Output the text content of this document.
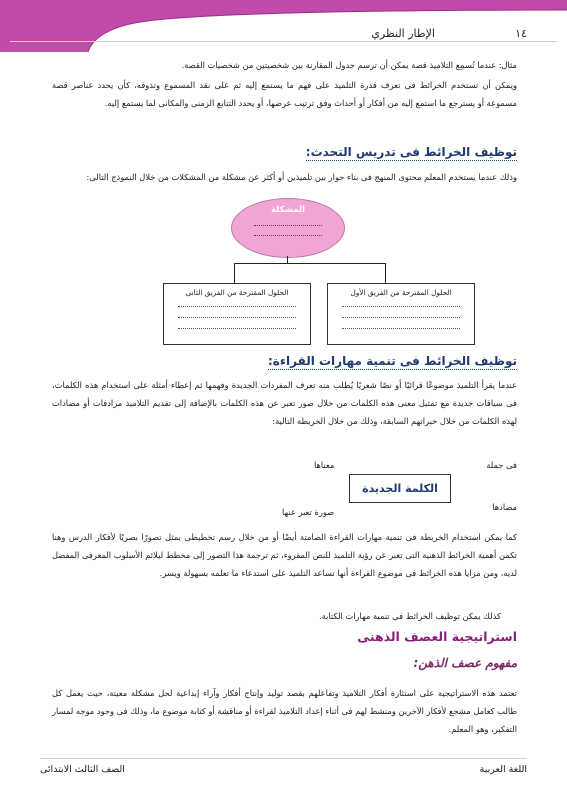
١٤
الإطار النظري

مثال: عندما تُسمِع التلاميذ قصة يمكن أن ترسم جدول المقارنة بين شخصيتين من شخصيات القصة.

ويمكن أن تستخدم الخرائط فى تعرف قدرة التلميذ على فهم ما يستمع إليه ثم على نقد المسموع وتذوقه، كأن يحدد عناصر قصة مسموعة أو يسترجع ما استمع إليه من أفكار أو أحداث وفق ترتيب عرضها، أو يحدد التتابع الزمنى والمكانى لما يستمع إليه.

توظيف الخرائط فى تدريس التحدث:

وذلك عندما يستخدم المعلم محتوى المنهج فى بناء حوار بين تلميذين أو أكثر عن مشكلة من المشكلات من خلال النموذج التالى:

المشكلة
الحلول المقترحة من الفريق الأول
الحلول المقترحة من الفريق الثانى
توظيف الخرائط فى تنمية مهارات القراءة:

عندما يقرأ التلميذ موضوعًا قرائيًا أو نصًا شعريًا يُطلب منه تعرف المفردات الجديدة وفهمها ثم إعطاء أمثلة على استخدام هذه الكلمات، فى سياقات جديدة مع تمثيل معنى هذه الكلمات من خلال صور تعبر عن هذه الكلمات بالإضافة إلى تقديم التلاميذ مرادفات أو مضادات لهذه الكلمات من خلال خبراتهم السابقة، وذلك من خلال الخريطة التالية:

فى جملة
معناها
الكلمة الجديدة
مضادها
صورة تعبر عنها

كما يمكن استخدام الخريطة فى تنمية مهارات القراءة الصامتة أيضًا أو من خلال رسم تخطيطى يمثل تصورًا بصريًا لأفكار الدرس وهنا تكمن أهمية الخرائط الذهنية التى تعبر عن رؤية التلميذ للنص المقروء، ثم ترجمة هذا التصور إلى مخطط ليلائم الأسلوب المعرفى المفضل لديه، ومن مزايا هذه الخرائط فى موضوع القراءة أنها تساعد التلميذ على استدعاء ما تعلمه بسهولة ويسر.

كذلك يمكن توظيف الخرائط فى تنمية مهارات الكتابة.

استراتيجية العصف الذهنى
مفهوم عصف الذهن:

تعتمد هذه الاستراتيجية على استثارة أفكار التلاميذ وتفاعلهم بقصد توليد وإنتاج أفكار وآراء إبداعية لحل مشكلة معينة، حيث يعمل كل طالب كعامل مشجع لأفكار الآخرين ومنشط لهم فى أثناء إعداد التلاميذ لقراءة أو مناقشة أو كتابة موضوع ما، وذلك فى وجود موجه لمسار التفكير، وهو المعلم.

اللغة العربية
الصف الثالث الابتدائى
